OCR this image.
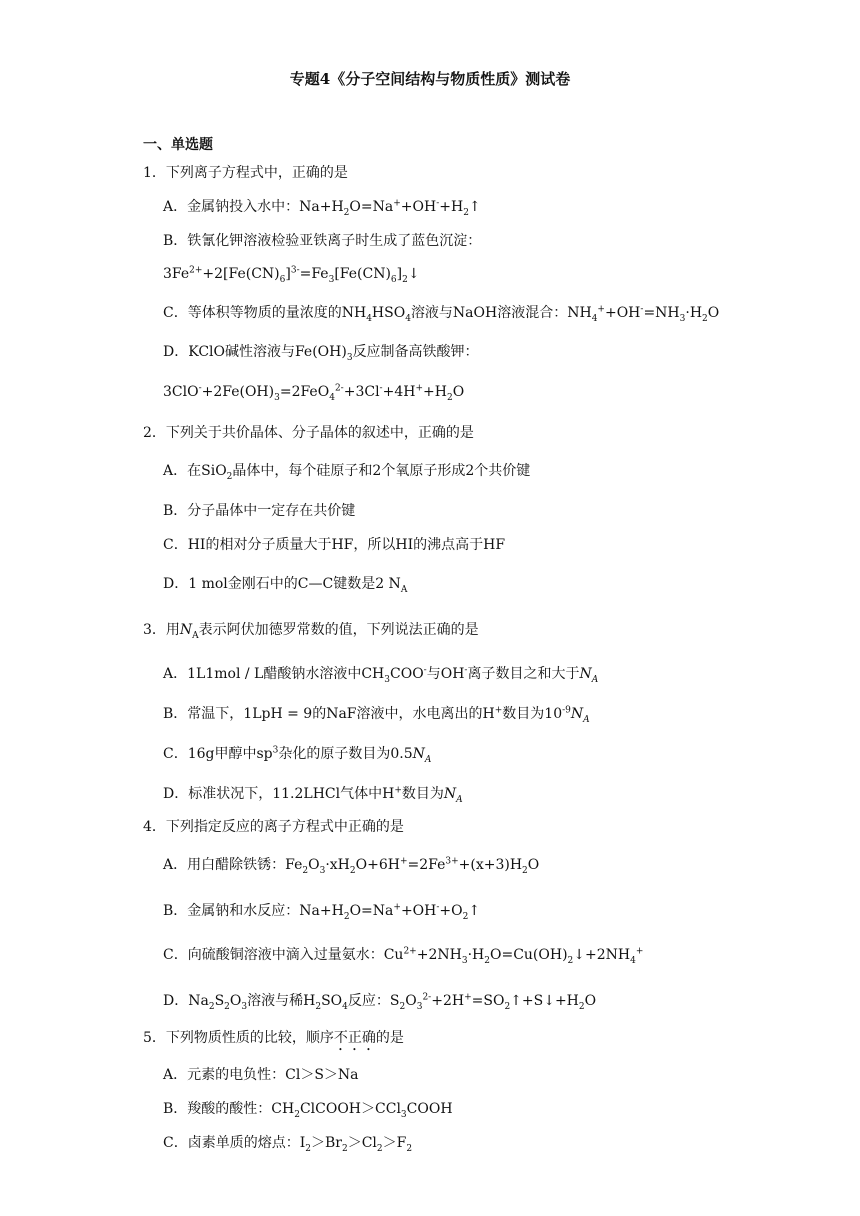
专题4《分子空间结构与物质性质》测试卷
一、单选题
1．下列离子方程式中，正确的是
A．金属钠投入水中：$Na+H_2O=Na^++OH^-+H_2↑$
B．铁氰化钾溶液检验亚铁离子时生成了蓝色沉淀：
$3Fe^{2+}+2[Fe(CN)_6]^{3-}=Fe_3[Fe(CN)_6]_2↓$
C．等体积等物质的量浓度的$NH_4HSO_4$溶液与NaOH溶液混合：$NH_4^++OH^-=NH_3\cdot H_2O$
D．KClO碱性溶液与$Fe(OH)_3$反应制备高铁酸钾：
$3ClO^-+2Fe(OH)_3=2FeO_4^{2-}+3Cl^-+4H^++H_2O$
2．下列关于共价晶体、分子晶体的叙述中，正确的是
A．在SiO$_2$晶体中，每个硅原子和2个氧原子形成2个共价键
B．分子晶体中一定存在共价键
C．HI的相对分子质量大于HF，所以HI的沸点高于HF
D．1 mol金刚石中的C—C键数是2 $N_A$
3．用$N_A$表示阿伏加德罗常数的值，下列说法正确的是
A．1L1mol / L醋酸钠水溶液中$CH_3COO^-$与OH-离子数目之和大于$N_A$
B．常温下，1LpH = 9的NaF溶液中，水电离出的H+数目为$10^{-9}N_A$
C．16g甲醇中$sp^3$杂化的原子数目为$0.5N_A$
D．标准状况下，11.2LHCl气体中H+数目为$N_A$
4．下列指定反应的离子方程式中正确的是
A．用白醋除铁锈：$Fe_2O_3\cdot xH_2O+6H^+=2Fe^{3+}+(x+3)H_2O$
B．金属钠和水反应：$Na+H_2O=Na^++OH^-+O_2↑$
C．向硫酸铜溶液中滴入过量氨水：$Cu^{2+}+2NH_3\cdot H_2O=Cu(OH)_2↓+2NH_4^+$
D．$Na_2S_2O_3$溶液与稀$H_2SO_4$反应：$S_2O_3^{2-}+2H^+=SO_2↑+S↓+H_2O$
5．下列物质性质的比较，顺序不正确的是
A．元素的电负性：Cl＞S＞Na
B．羧酸的酸性：$CH_2ClCOOH>CCl_3COOH$
C．卤素单质的熔点：$I_2>Br_2>Cl_2>F_2$
